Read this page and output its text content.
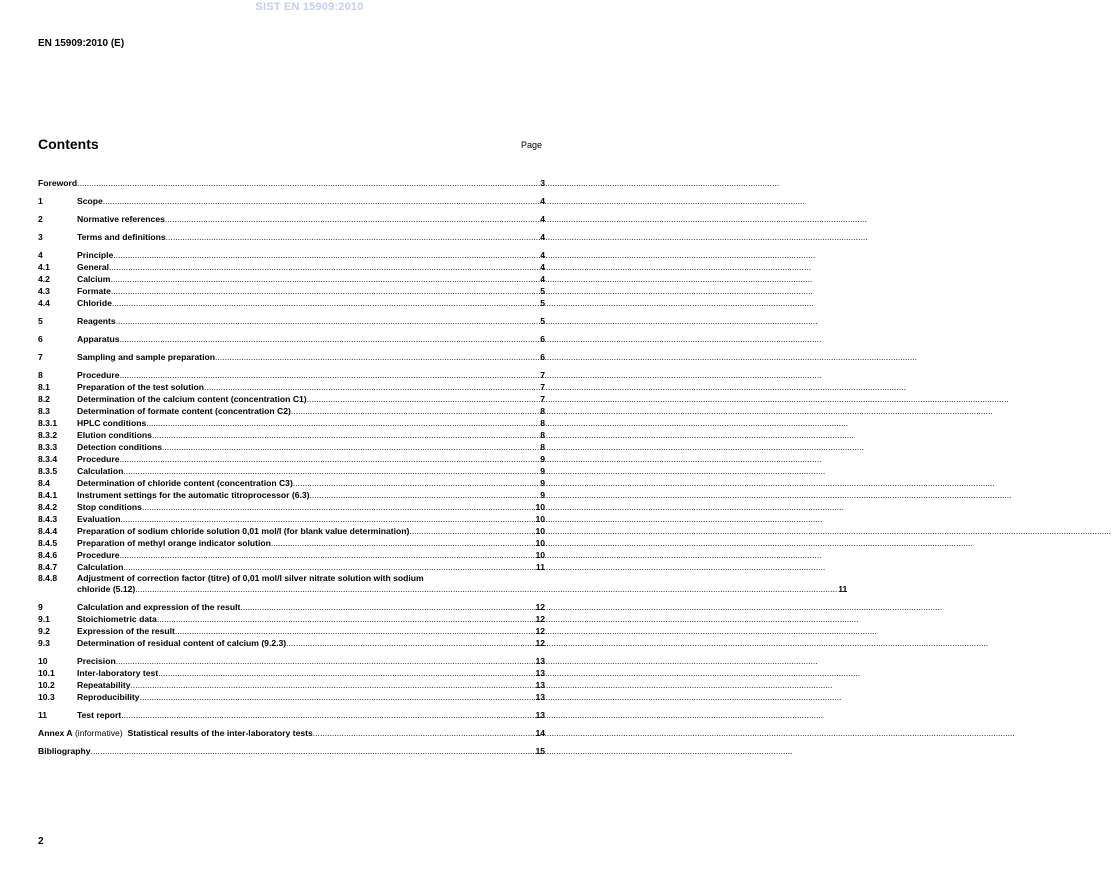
SIST EN 15909:2010
EN 15909:2010 (E)
Contents	Page
Foreword .....	3
1	Scope .....	4
2	Normative references .....	4
3	Terms and definitions .....	4
4	Principle .....	4
4.1	General .....	4
4.2	Calcium .....	4
4.3	Formate .....	5
4.4	Chloride .....	5
5	Reagents .....	5
6	Apparatus .....	6
7	Sampling and sample preparation .....	6
8	Procedure .....	7
8.1	Preparation of the test solution .....	7
8.2	Determination of the calcium content (concentration C1) .....	7
8.3	Determination of formate content (concentration C2) .....	8
8.3.1	HPLC conditions .....	8
8.3.2	Elution conditions .....	8
8.3.3	Detection conditions .....	8
8.3.4	Procedure .....	9
8.3.5	Calculation .....	9
8.4	Determination of chloride content (concentration C3) .....	9
8.4.1	Instrument settings for the automatic titroprocessor (6.3) .....	9
8.4.2	Stop conditions .....	10
8.4.3	Evaluation .....	10
8.4.4	Preparation of sodium chloride solution 0,01 mol/l (for blank value determination) .....	10
8.4.5	Preparation of methyl orange indicator solution .....	10
8.4.6	Procedure .....	10
8.4.7	Calculation .....	11
8.4.8	Adjustment of correction factor (titre) of 0,01 mol/l silver nitrate solution with sodium
chloride (5.12) .....	11
9	Calculation and expression of the result .....	12
9.1	Stoichiometric data .....	12
9.2	Expression of the result .....	12
9.3	Determination of residual content of calcium (9.2.3) .....	12
10	Precision .....	13
10.1	Inter-laboratory test .....	13
10.2	Repeatability .....	13
10.3	Reproducibility .....	13
11	Test report .....	13
Annex A
(informative)
Statistical results of the inter-laboratory tests .....	14
Bibliography .....	15
2
